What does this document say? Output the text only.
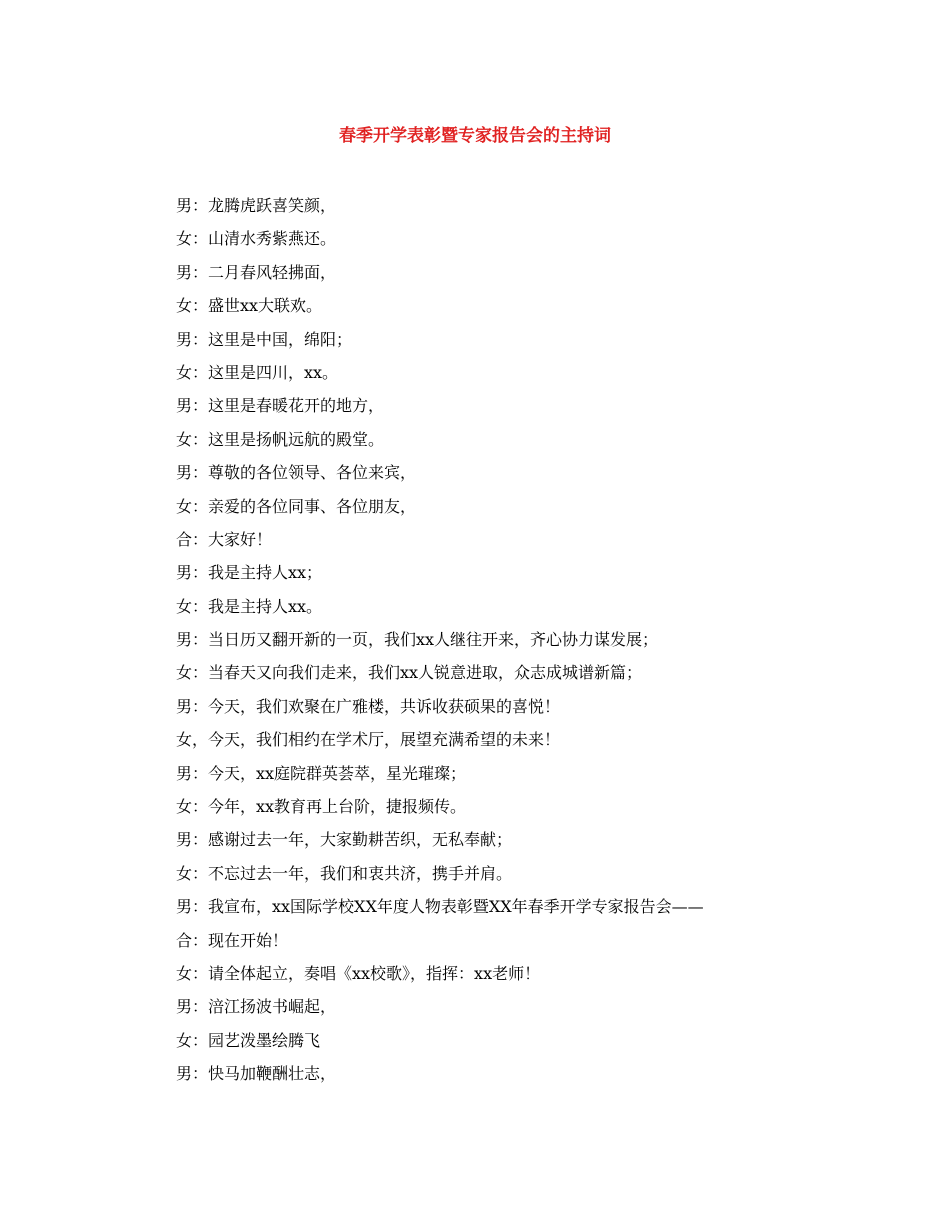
春季开学表彰暨专家报告会的主持词
男：龙腾虎跃喜笑颜，
女：山清水秀紫燕还。
男：二月春风轻拂面，
女：盛世xx大联欢。
男：这里是中国，绵阳；
女：这里是四川，xx。
男：这里是春暖花开的地方，
女：这里是扬帆远航的殿堂。
男：尊敬的各位领导、各位来宾，
女：亲爱的各位同事、各位朋友，
合：大家好！
男：我是主持人xx；
女：我是主持人xx。
男：当日历又翻开新的一页，我们xx人继往开来，齐心协力谋发展；
女：当春天又向我们走来，我们xx人锐意进取，众志成城谱新篇；
男：今天，我们欢聚在广雅楼，共诉收获硕果的喜悦！
女，今天，我们相约在学术厅，展望充满希望的未来！
男：今天，xx庭院群英荟萃，星光璀璨；
女：今年，xx教育再上台阶，捷报频传。
男：感谢过去一年，大家勤耕苦织，无私奉献；
女：不忘过去一年，我们和衷共济，携手并肩。
男：我宣布，xx国际学校XX年度人物表彰暨XX年春季开学专家报告会——
合：现在开始！
女：请全体起立，奏唱《xx校歌》，指挥：xx老师！
男：涪江扬波书崛起，
女：园艺泼墨绘腾飞
男：快马加鞭酬壮志，
